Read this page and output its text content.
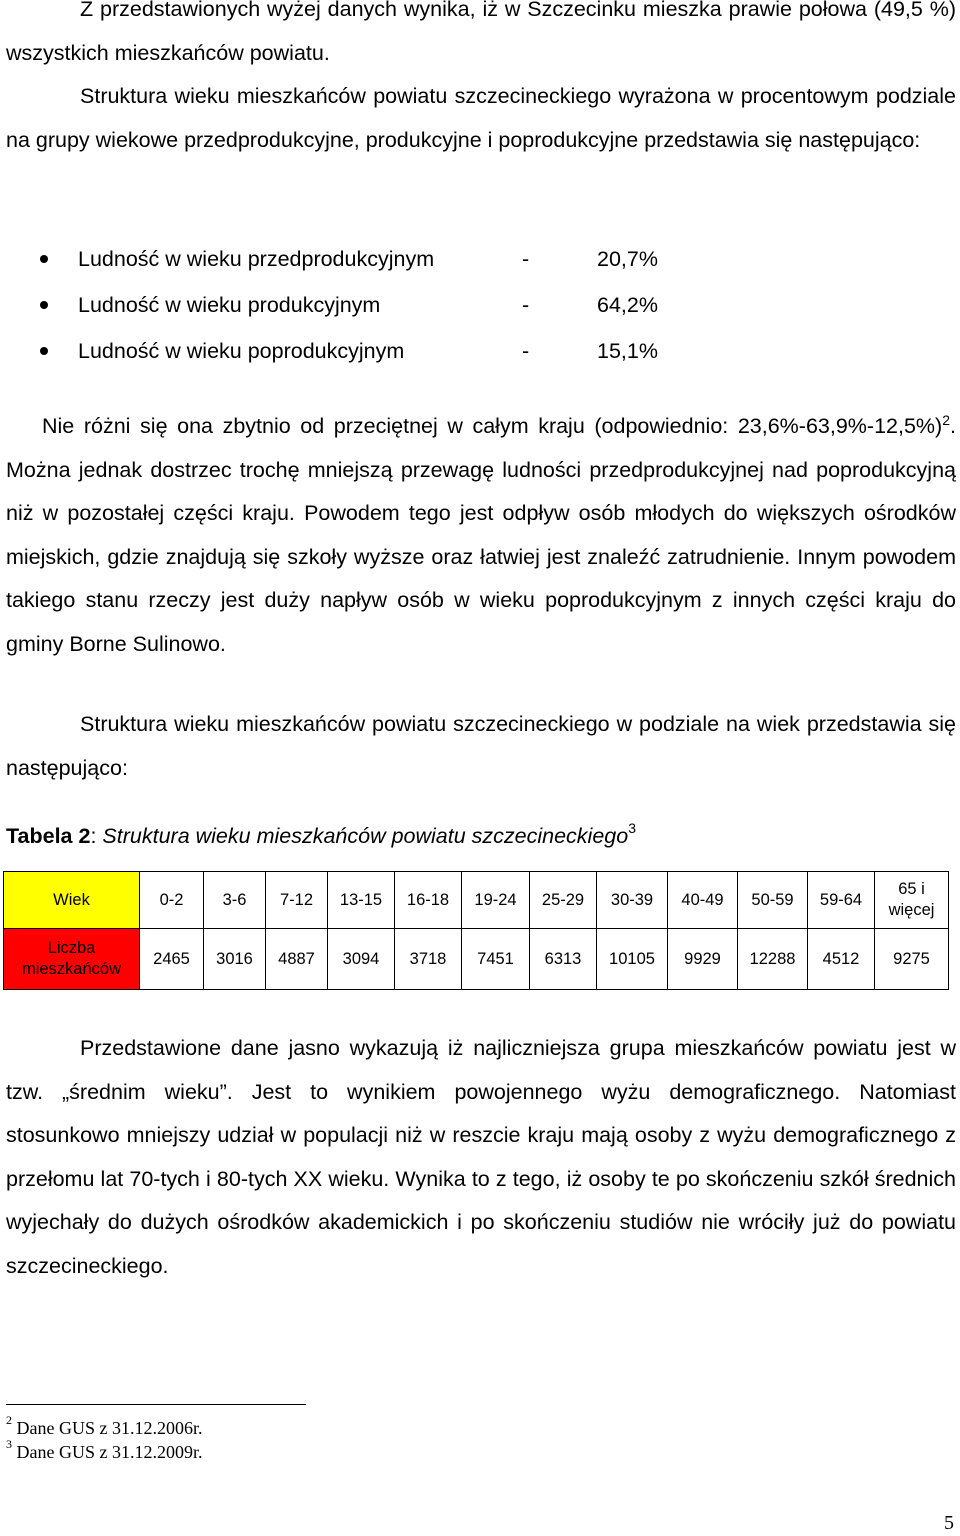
Z przedstawionych wyżej danych wynika, iż w Szczecinku mieszka prawie połowa (49,5 %) wszystkich mieszkańców powiatu.

Struktura wieku mieszkańców powiatu szczecineckiego wyrażona w procentowym podziale na grupy wiekowe przedprodukcyjne, produkcyjne i poprodukcyjne przedstawia się następująco:

Ludność w wieku przedprodukcyjnym	-	20,7%
Ludność w wieku produkcyjnym	-	64,2%
Ludność w wieku poprodukcyjnym	-	15,1%

Nie różni się ona zbytnio od przeciętnej w całym kraju (odpowiednio: 23,6%-63,9%-12,5%)$^2$. Można jednak dostrzec trochę mniejszą przewagę ludności przedprodukcyjnej nad poprodukcyjną niż w pozostałej części kraju. Powodem tego jest odpływ osób młodych do większych ośrodków miejskich, gdzie znajdują się szkoły wyższe oraz łatwiej jest znaleźć zatrudnienie. Innym powodem takiego stanu rzeczy jest duży napływ osób w wieku poprodukcyjnym z innych części kraju do gminy Borne Sulinowo.

Struktura wieku mieszkańców powiatu szczecineckiego w podziale na wiek przedstawia się następująco:

Tabela 2: Struktura wieku mieszkańców powiatu szczecineckiego$^3$
Wiek	0-2	3-6	7-12	13-15	16-18	19-24	25-29	30-39	40-49	50-59	59-64	65 i więcej
Liczba mieszkańców	2465	3016	4887	3094	3718	7451	6313	10105	9929	12288	4512	9275

Przedstawione dane jasno wykazują iż najliczniejsza grupa mieszkańców powiatu jest w tzw. „średnim wieku”. Jest to wynikiem powojennego wyżu demograficznego. Natomiast stosunkowo mniejszy udział w populacji niż w reszcie kraju mają osoby z wyżu demograficznego z przełomu lat 70-tych i 80-tych XX wieku. Wynika to z tego, iż osoby te po skończeniu szkół średnich wyjechały do dużych ośrodków akademickich i po skończeniu studiów nie wróciły już do powiatu szczecineckiego.

$^2$ Dane GUS z 31.12.2006r.
$^3$ Dane GUS z 31.12.2009r.
5
